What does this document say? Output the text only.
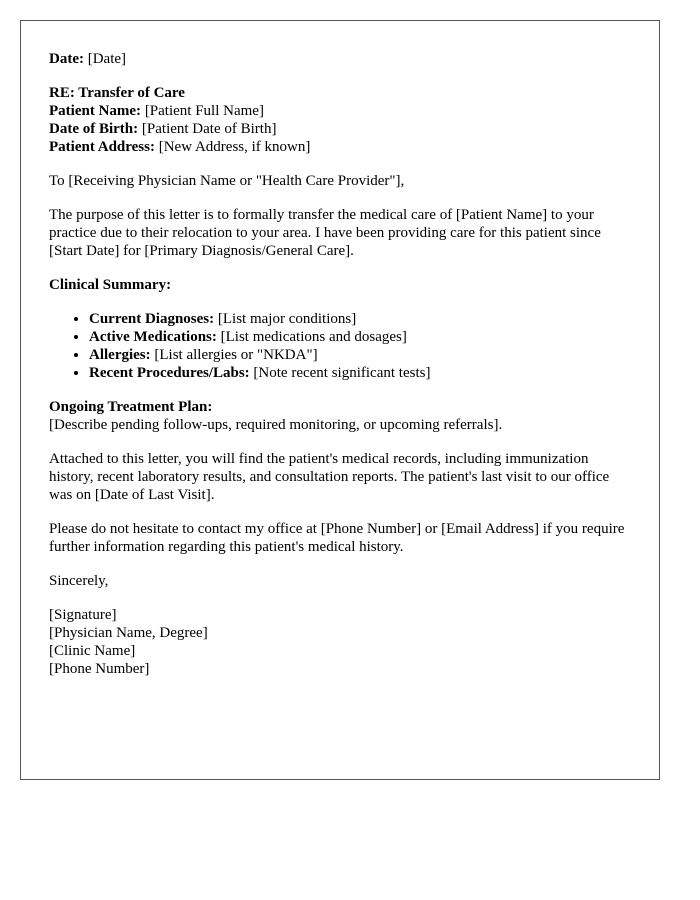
Date: [Date]

RE: Transfer of Care
Patient Name: [Patient Full Name]
Date of Birth: [Patient Date of Birth]
Patient Address: [New Address, if known]

To [Receiving Physician Name or "Health Care Provider"],

The purpose of this letter is to formally transfer the medical care of [Patient Name] to your practice due to their relocation to your area. I have been providing care for this patient since [Start Date] for [Primary Diagnosis/General Care].

Clinical Summary:

• Current Diagnoses: [List major conditions]
• Active Medications: [List medications and dosages]
• Allergies: [List allergies or "NKDA"]
• Recent Procedures/Labs: [Note recent significant tests]
Ongoing Treatment Plan:
[Describe pending follow-ups, required monitoring, or upcoming referrals].

Attached to this letter, you will find the patient's medical records, including immunization history, recent laboratory results, and consultation reports. The patient's last visit to our office was on [Date of Last Visit].

Please do not hesitate to contact my office at [Phone Number] or [Email Address] if you require further information regarding this patient's medical history.

Sincerely,

[Signature]
[Physician Name, Degree]
[Clinic Name]
[Phone Number]
